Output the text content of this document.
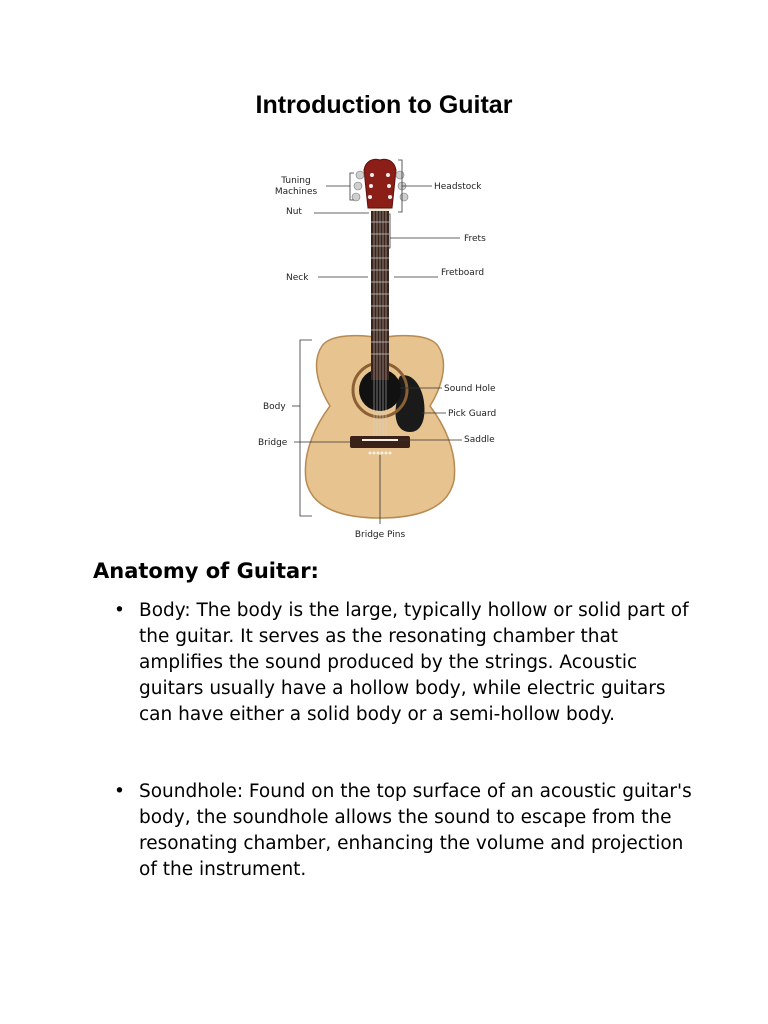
Introduction to Guitar
Tuning
Machines	Headstock
Nut
Frets
Neck	Fretboard
Sound Hole
Body
Pick Guard
Bridge	Saddle
Bridge Pins
Anatomy of Guitar:
• Body: The body is the large, typically hollow or solid part of the guitar. It serves as the resonating chamber that amplifies the sound produced by the strings. Acoustic guitars usually have a hollow body, while electric guitars can have either a solid body or a semi-hollow body.
• Soundhole: Found on the top surface of an acoustic guitar's body, the soundhole allows the sound to escape from the resonating chamber, enhancing the volume and projection of the instrument.
